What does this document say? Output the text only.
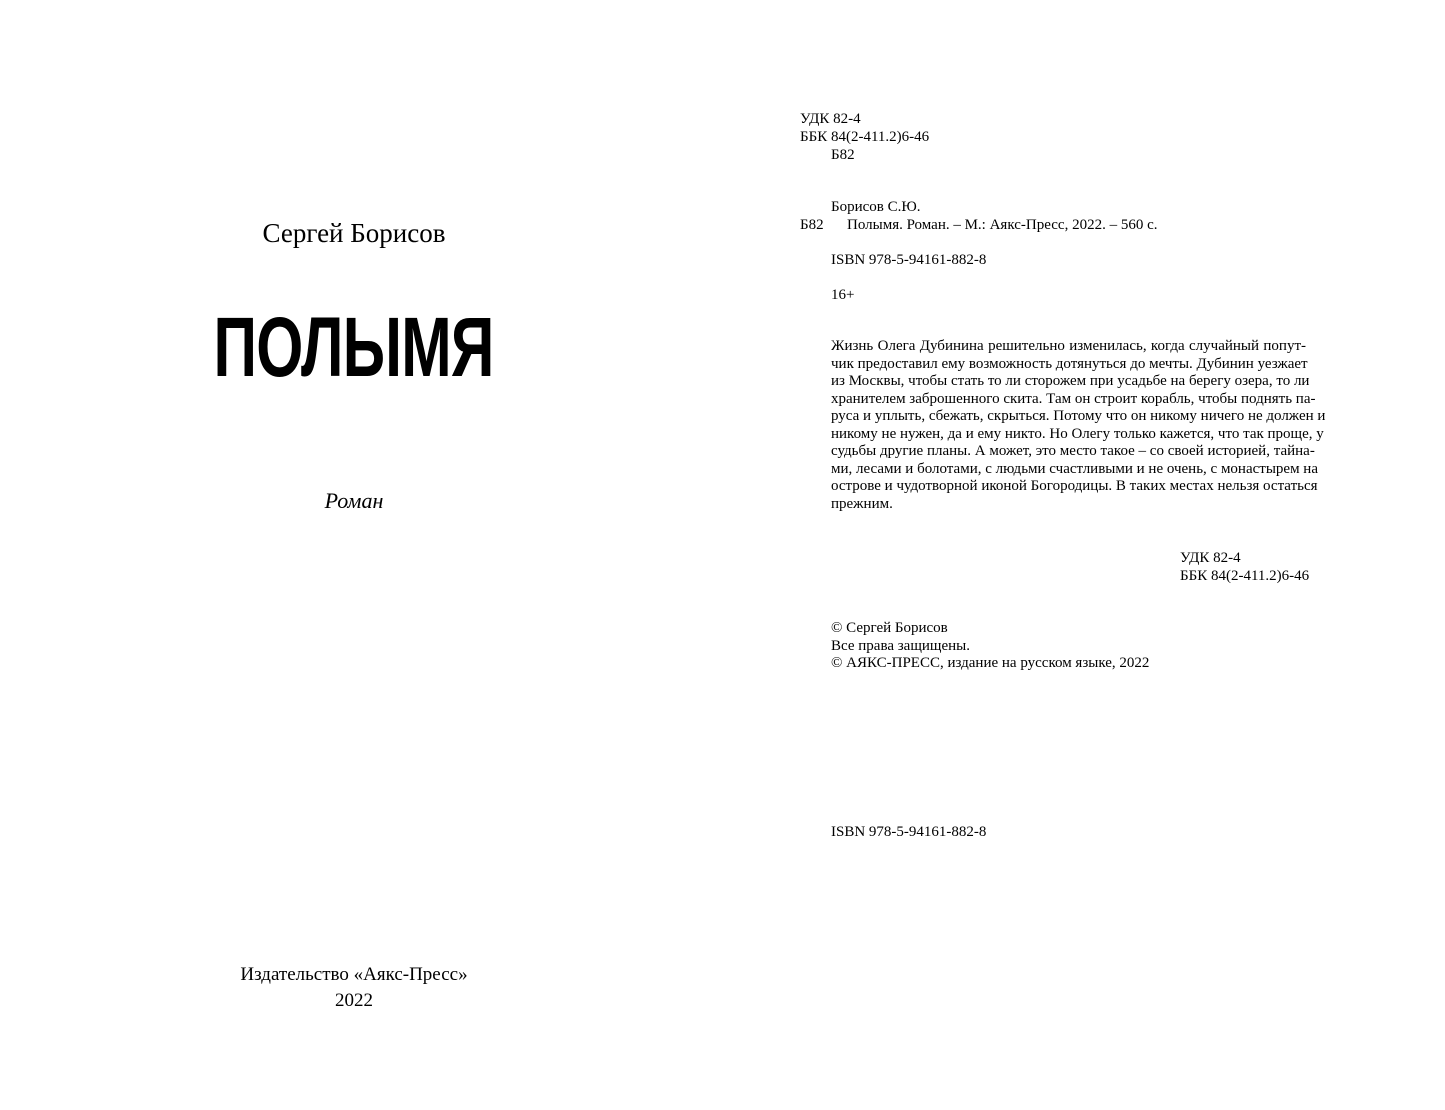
Сергей Борисов
ПОЛЫМЯ
Роман
Издательство «Аякс-Пресс»
2022
УДК 82-4
ББК 84(2-411.2)6-46
Б82
Борисов С.Ю.
Б82 Полымя. Роман. – М.: Аякс-Пресс, 2022. – 560 с.
ISBN 978-5-94161-882-8
16+
Жизнь Олега Дубинина решительно изменилась, когда случайный попут-
чик предоставил ему возможность дотянуться до мечты. Дубинин уезжает
из Москвы, чтобы стать то ли сторожем при усадьбе на берегу озера, то ли
хранителем заброшенного скита. Там он строит корабль, чтобы поднять па-
руса и уплыть, сбежать, скрыться. Потому что он никому ничего не должен и
никому не нужен, да и ему никто. Но Олегу только кажется, что так проще, у
судьбы другие планы. А может, это место такое – со своей историей, тайна-
ми, лесами и болотами, с людьми счастливыми и не очень, с монастырем на
острове и чудотворной иконой Богородицы. В таких местах нельзя остаться
прежним.
УДК 82-4
ББК 84(2-411.2)6-46
© Сергей Борисов
Все права защищены.
© АЯКС-ПРЕСС, издание на русском языке, 2022
ISBN 978-5-94161-882-8
